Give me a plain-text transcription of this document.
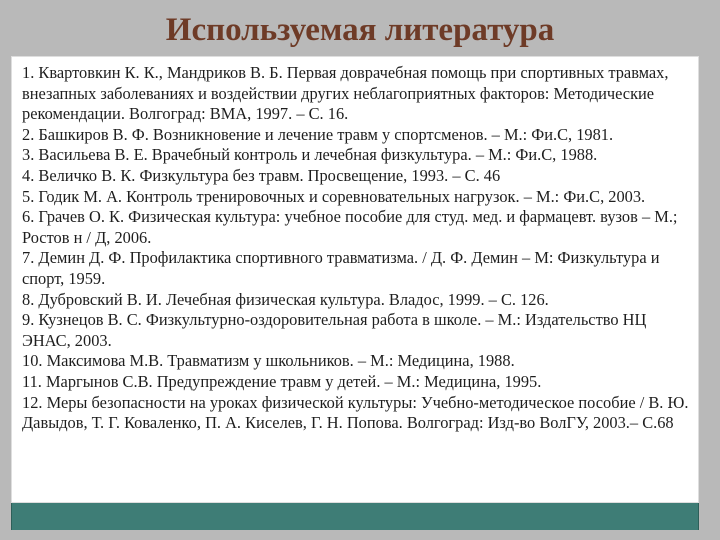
Используемая литература
1. Квартовкин К. К., Мандриков В. Б. Первая доврачебная помощь при спортивных травмах, внезапных заболеваниях и воздействии других неблагоприятных факторов: Методические рекомендации. Волгоград: ВМА, 1997. – С. 16.
2. Башкиров В. Ф. Возникновение и лечение травм у спортсменов. – М.: Фи.С, 1981.
3. Васильева В. Е. Врачебный контроль и лечебная физкультура. – М.: Фи.С, 1988.
4. Величко В. К. Физкультура без травм. Просвещение, 1993. – С. 46
5. Годик М. А. Контроль тренировочных и соревновательных нагрузок. – М.: Фи.С, 2003.
6. Грачев О. К. Физическая культура: учебное пособие для студ. мед. и фармацевт. вузов – М.; Ростов н / Д, 2006.
7. Демин Д. Ф. Профилактика спортивного травматизма. / Д. Ф. Демин – М: Физкультура и спорт, 1959.
8. Дубровский В. И. Лечебная физическая культура. Владос, 1999. – С. 126.
9. Кузнецов В. С. Физкультурно-оздоровительная работа в школе. – М.: Издательство НЦ ЭНАС, 2003.
10. Максимова М.В. Травматизм у школьников. – М.: Медицина, 1988.
11. Маргынов С.В. Предупреждение травм у детей. – М.: Медицина, 1995.
12. Меры безопасности на уроках физической культуры: Учебно-методическое пособие / В. Ю. Давыдов, Т. Г. Коваленко, П. А. Киселев, Г. Н. Попова. Волгоград: Изд-во ВолГУ, 2003.– С.68
